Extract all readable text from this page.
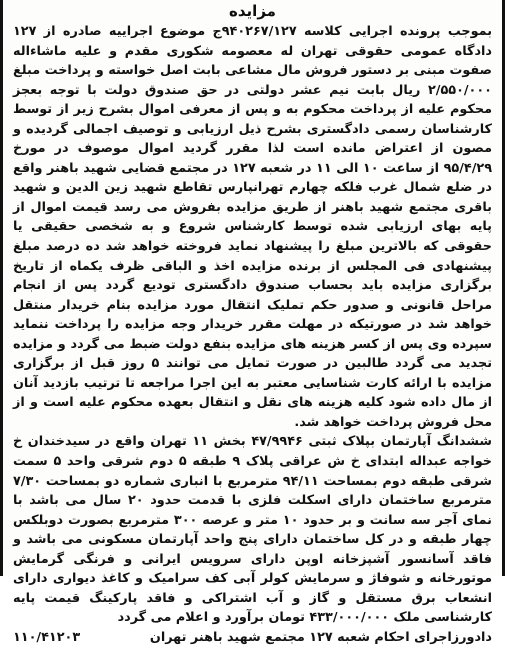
مزایده

بموجب پرونده اجرایی کلاسه ۹۴۰۲۶۷/۱۲۷ج موضوع اجراییه صادره از ۱۲۷ دادگاه عمومی حقوقی تهران له معصومه شکوری مقدم و علیه ماشاءاله صفوت مبنی بر دستور فروش مال مشاعی بابت اصل خواسته و پرداخت مبلغ ۲/۵۵۰/۰۰۰ ریال بابت نیم عشر دولتی در حق صندوق دولت با توجه بعجز محکوم علیه از پرداخت محکوم به و پس از معرفی اموال بشرح زیر از توسط کارشناسان رسمی دادگستری بشرح ذیل ارزیابی و توصیف اجمالی گردیده و مصون از اعتراض مانده است لذا مقرر گردید اموال موصوف در مورخ ۹۵/۴/۲۹ از ساعت ۱۰ الی ۱۱ در شعبه ۱۲۷ در مجتمع قضایی شهید باهنر واقع در ضلع شمال غرب فلکه چهارم تهرانپارس تقاطع شهید زین الدین و شهید باقری مجتمع شهید باهنر از طریق مزایده بفروش می رسد قیمت اموال از پایه بهای ارزیابی شده توسط کارشناس شروع و به شخصی حقیقی یا حقوقی که بالاترین مبلغ را پیشنهاد نماید فروخته خواهد شد ده درصد مبلغ پیشنهادی فی المجلس از برنده مزایده اخذ و الباقی ظرف یکماه از تاریخ برگزاری مزایده باید بحساب صندوق دادگستری تودیع گردد پس از انجام مراحل قانونی و صدور حکم تملیک انتقال مورد مزایده بنام خریدار منتقل خواهد شد در صورتیکه در مهلت مقرر خریدار وجه مزایده را پرداخت ننماید سپرده وی پس از کسر هزینه های مزایده بنفع دولت ضبط می گردد و مزایده تجدید می گردد طالبین در صورت تمایل می توانند ۵ روز قبل از برگزاری مزایده با ارائه کارت شناسایی معتبر به این اجرا مراجعه تا ترتیب بازدید آنان از مال داده شود کلیه هزینه های نقل و انتقال بعهده محکوم علیه است و از محل فروش پرداخت خواهد شد.

ششدانگ آپارتمان بپلاک ثبتی ۴۷/۹۹۴۶ بخش ۱۱ تهران واقع در سیدخندان خ خواجه عبداله ابتدای خ ش عراقی پلاک ۹ طبقه ۵ دوم شرقی واحد ۵ سمت شرقی طبقه دوم بمساحت ۹۴/۱۱ مترمربع با انباری شماره دو بمساحت ۷/۳۰ مترمربع ساختمان دارای اسکلت فلزی با قدمت حدود ۲۰ سال می باشد با نمای آجر سه سانت و بر حدود ۱۰ متر و عرصه ۳۰۰ مترمربع بصورت دوبلکس چهار طبقه و در کل ساختمان دارای پنج واحد آپارتمان مسکونی می باشد و فاقد آسانسور آشپزخانه اوپن دارای سرویس ایرانی و فرنگی گرمایش موتورخانه و شوفاژ و سرمایش کولر آبی کف سرامیک و کاغذ دیواری دارای انشعاب برق مستقل و گاز و آب اشتراکی و فاقد پارکینگ قیمت پایه کارشناسی ملک ۴۳۳/۰۰۰/۰۰۰ تومان برآورد و اعلام می گردد

دادورزاجرای احکام شعبه ۱۲۷ مجتمع شهید باهنر تهران
۱۱۰/۴۱۲۰۳
